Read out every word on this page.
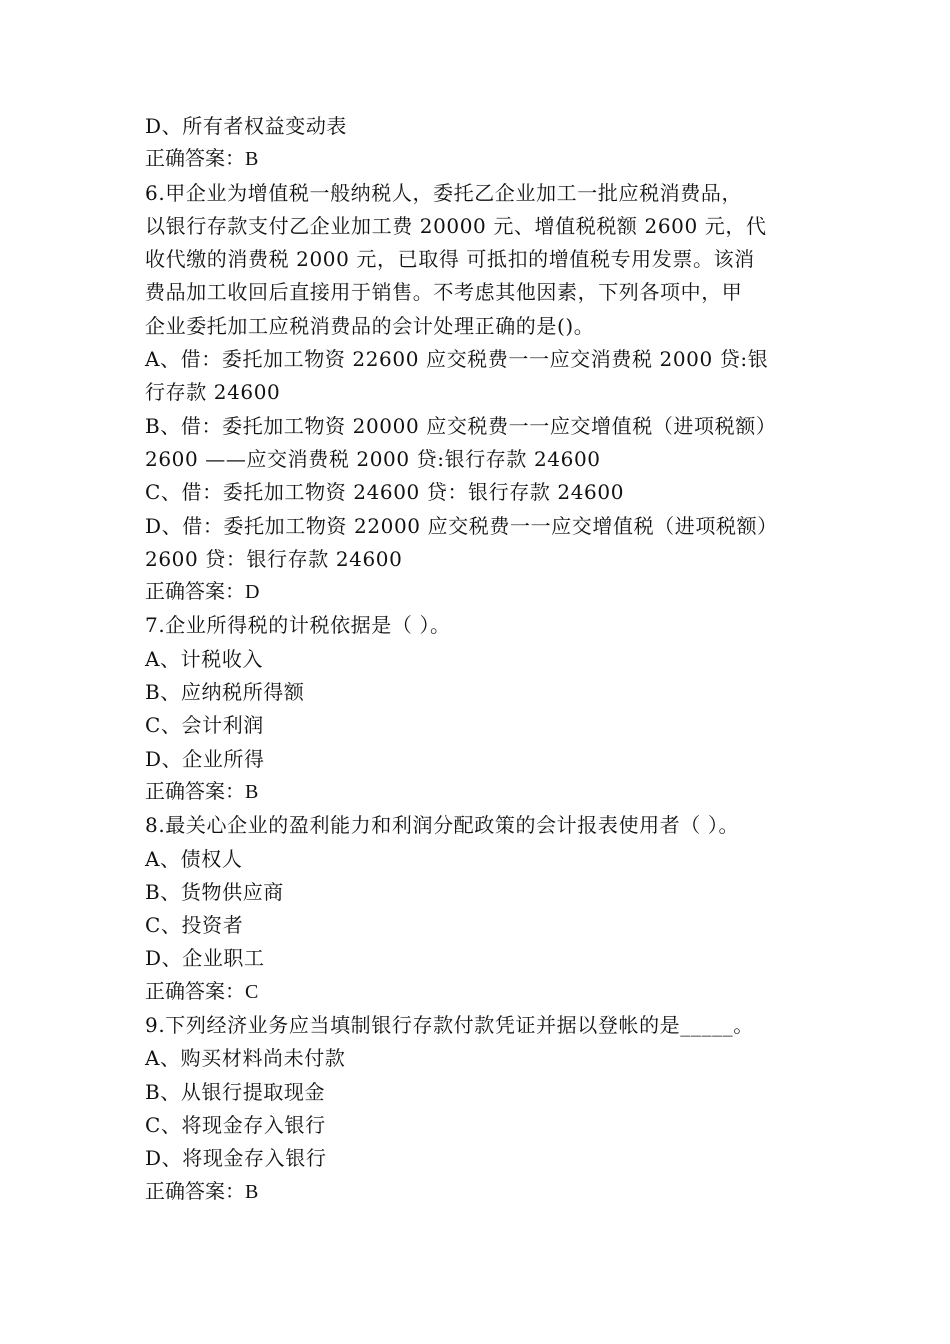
D、所有者权益变动表
正确答案：B
6.甲企业为增值税一般纳税人，委托乙企业加工一批应税消费品，
以银行存款支付乙企业加工费 20000 元、增值税税额 2600 元，代
收代缴的消费税 2000 元，已取得 可抵扣的增值税专用发票。该消
费品加工收回后直接用于销售。不考虑其他因素，下列各项中，甲
企业委托加工应税消费品的会计处理正确的是()。
A、借：委托加工物资 22600 应交税费一一应交消费税 2000 贷:银
行存款 24600
B、借：委托加工物资 20000 应交税费一一应交增值税（进项税额）
2600 ——应交消费税 2000 贷:银行存款 24600
C、借：委托加工物资 24600 贷：银行存款 24600
D、借：委托加工物资 22000 应交税费一一应交增值税（进项税额）
2600 贷：银行存款 24600
正确答案：D
7.企业所得税的计税依据是（ ）。
A、计税收入
B、应纳税所得额
C、会计利润
D、企业所得
正确答案：B
8.最关心企业的盈利能力和利润分配政策的会计报表使用者（ ）。
A、债权人
B、货物供应商
C、投资者
D、企业职工
正确答案：C
9.下列经济业务应当填制银行存款付款凭证并据以登帐的是_____。
A、购买材料尚未付款
B、从银行提取现金
C、将现金存入银行
D、将现金存入银行
正确答案：B
